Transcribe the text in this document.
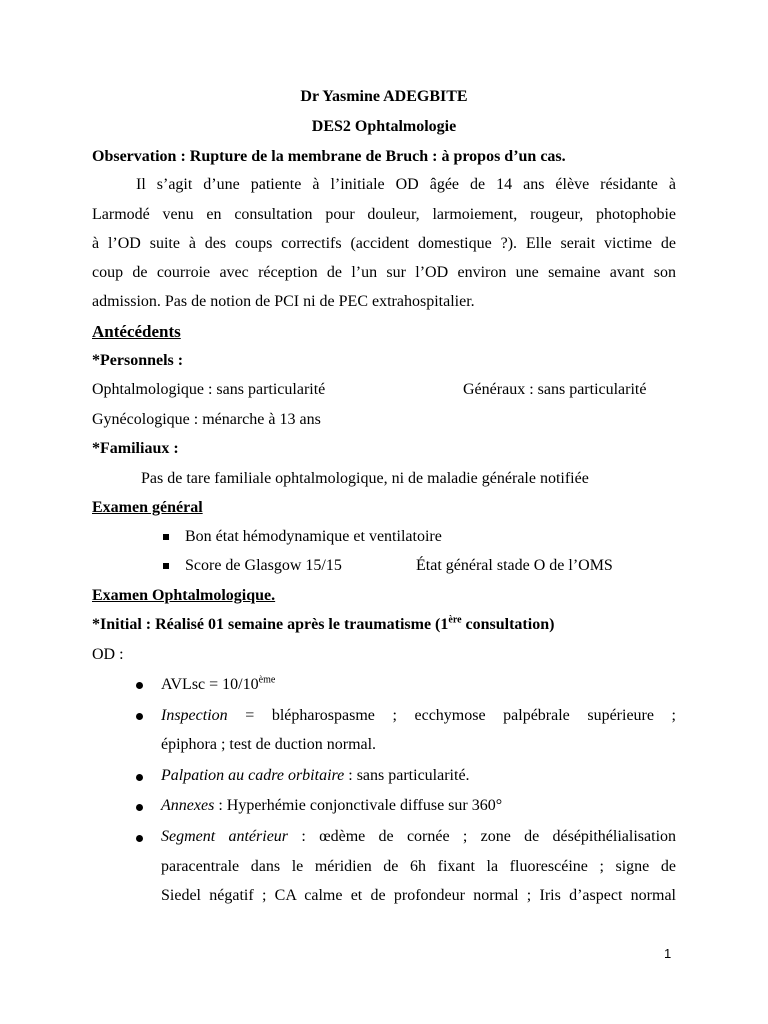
Dr Yasmine ADEGBITE
DES2 Ophtalmologie
Observation : Rupture de la membrane de Bruch : à propos d’un cas.
Il s’agit d’une patiente à l’initiale OD âgée de 14 ans élève résidante à
Larmodé venu en consultation pour douleur, larmoiement, rougeur, photophobie
à l’OD suite à des coups correctifs (accident domestique ?). Elle serait victime de
coup de courroie avec réception de l’un sur l’OD environ une semaine avant son
admission. Pas de notion de PCI ni de PEC extrahospitalier.
Antécédents
*Personnels :
Ophtalmologique : sans particularité	Généraux : sans particularité
Gynécologique : ménarche à 13 ans
*Familiaux :
Pas de tare familiale ophtalmologique, ni de maladie générale notifiée
Examen général
Bon état hémodynamique et ventilatoire
Score de Glasgow 15/15	État général stade O de l’OMS
Examen Ophtalmologique.
*Initial : Réalisé 01 semaine après le traumatisme (1ère consultation)
OD :
AVLsc = 10/10ème
Inspection = blépharospasme ; ecchymose palpébrale supérieure ;
épiphora ; test de duction normal.
Palpation au cadre orbitaire : sans particularité.
Annexes : Hyperhémie conjonctivale diffuse sur 360°
Segment antérieur : œdème de cornée ; zone de désépithélialisation
paracentrale dans le méridien de 6h fixant la fluorescéine ; signe de
Siedel négatif ; CA calme et de profondeur normal ; Iris d’aspect normal
1
